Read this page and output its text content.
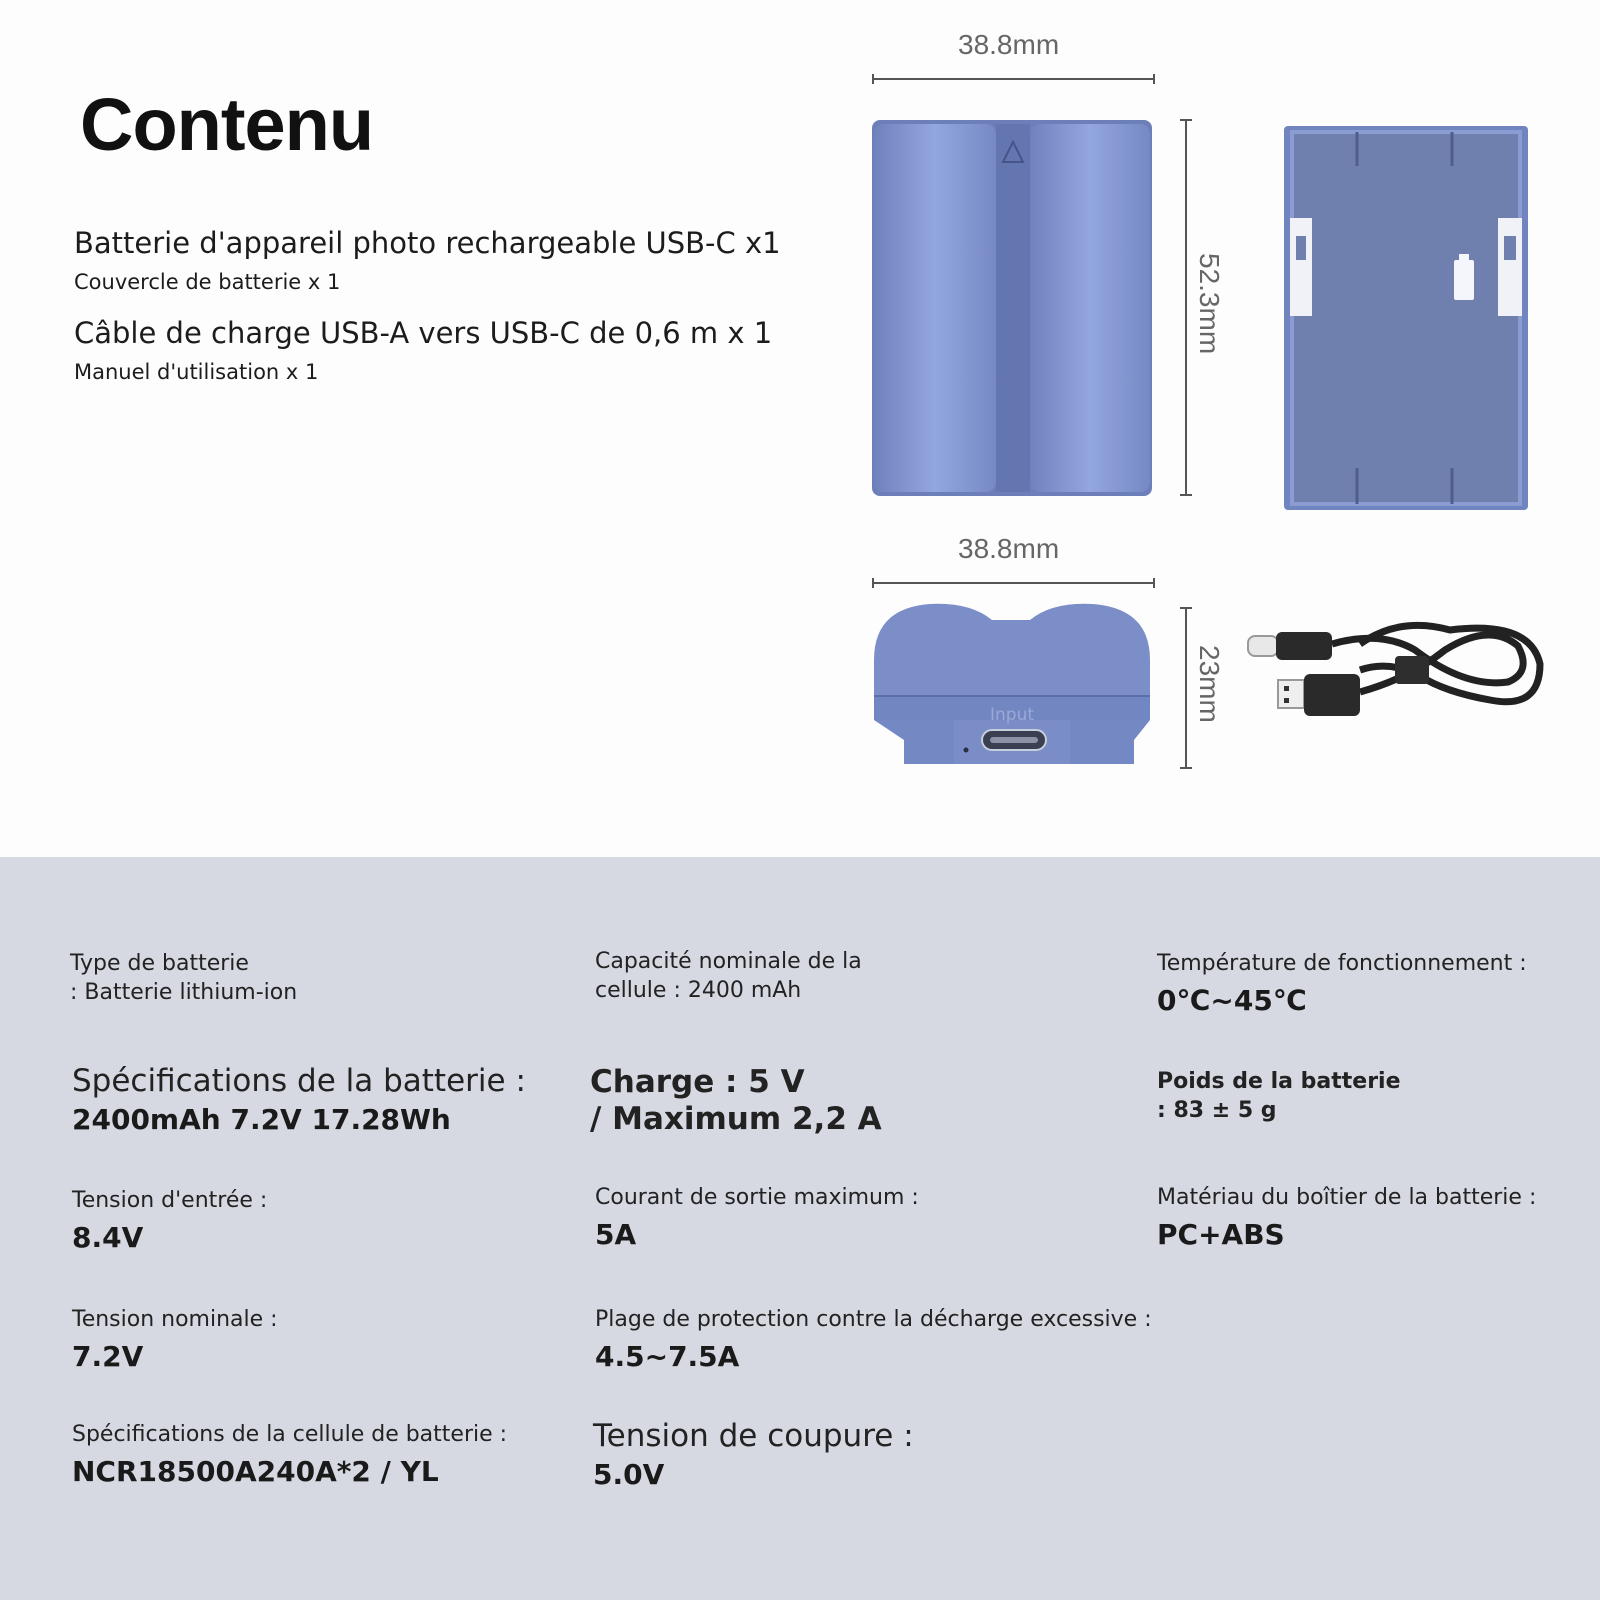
Contenu
Batterie d'appareil photo rechargeable USB-C x1
Couvercle de batterie x 1
Câble de charge USB-A vers USB-C de 0,6 m x 1
Manuel d'utilisation x 1
38.8mm
52.3mm
38.8mm
23mm
Input
Type de batterie
: Batterie lithium-ion
Spécifications de la batterie :
2400mAh 7.2V 17.28Wh
Tension d'entrée :
8.4V
Tension nominale :
7.2V
Spécifications de la cellule de batterie :
NCR18500A240A*2 / YL
Capacité nominale de la
cellule : 2400 mAh
Charge : 5 V
/ Maximum 2,2 A
Courant de sortie maximum :
5A
Plage de protection contre la décharge excessive :
4.5~7.5A
Tension de coupure :
5.0V
Température de fonctionnement :
0℃~45℃
Poids de la batterie
: 83 ± 5 g
Matériau du boîtier de la batterie :
PC+ABS
